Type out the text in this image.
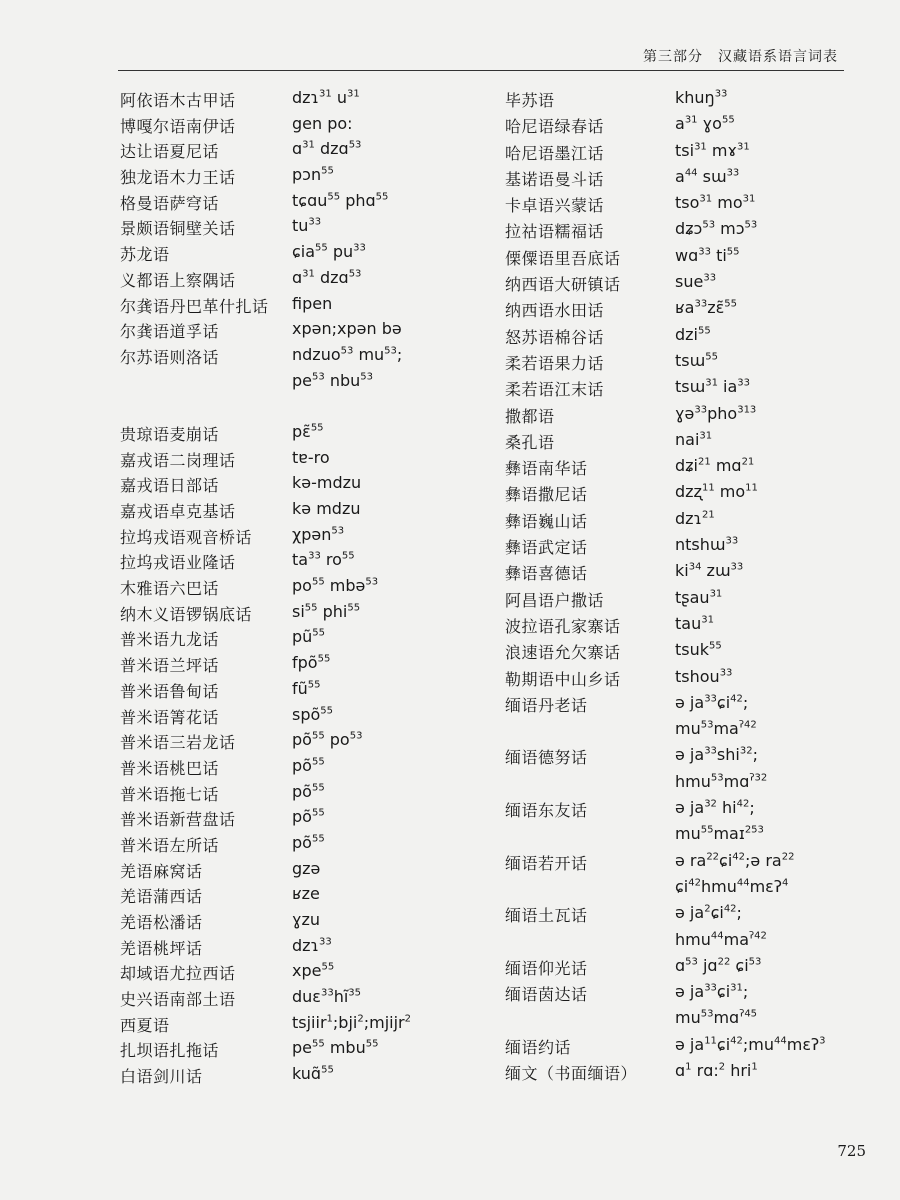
第三部分　汉藏语系语言词表
阿依语木古甲话	dzɿ$^{31}$ $u^{31}$
博嘎尔语南伊话	gen po:
达让语夏尼话	ɑ$^{31}$ dzɑ$^{53}$
独龙语木力王话	pɔn$^{55}$
格曼语萨穹话	tɕɑu$^{55}$ phɑ$^{55}$
景颇语铜壁关话	$tu^{33}$
苏龙语	ɕia$^{55}$ $pu^{33}$
义都语上察隅话	ɑ$^{31}$ dzɑ$^{53}$
尔龚语丹巴革什扎话	fipen
尔龚语道孚话	xpən;xpən bə
尔苏语则洛话	ndzuo$^{53}$ $mu^{53}$;
$pe^{53}$ nbu$^{53}$
贵琼语麦崩话	pɛ̃$^{55}$
嘉戎语二岗理话	tɐ-ro
嘉戎语日部话	kə-mdzu
嘉戎语卓克基话	kə mdzu
拉坞戎语观音桥话	χpən$^{53}$
拉坞戎语业隆话	$ta^{33}$ $ro^{55}$
木雅语六巴话	$po^{55}$ mbə$^{53}$
纳木义语锣锅底话	$si^{55}$ phi$^{55}$
普米语九龙话	$pũ^{55}$
普米语兰坪话	fpõ$^{55}$
普米语鲁甸话	$fũ^{55}$
普米语箐花话	spõ$^{55}$
普米语三岩龙话	$põ^{55}$ $po^{53}$
普米语桃巴话	$põ^{55}$
普米语拖七话	$põ^{55}$
普米语新营盘话	$põ^{55}$
普米语左所话	$põ^{55}$
羌语麻窝话	gzə
羌语蒲西话	ʁze
羌语松潘话	ɣzu
羌语桃坪话	dzɿ$^{33}$
却域语尤拉西话	xpe$^{55}$
史兴语南部土语	$duɛ^{33}hĩ^{35}$
西夏语	tsjiir$^1$;bji$^2$;mjijr$^2$
扎坝语扎拖话	$pe^{55}$ mbu$^{55}$
白语剑川话	kuɑ̃$^{55}$
毕苏语	khuŋ$^{33}$
哈尼语绿春话	$a^{31}$ ɣo$^{55}$
哈尼语墨江话	tsi$^{31}$ mɤ$^{31}$
基诺语曼斗话	$a^{44}$ sɯ$^{33}$
卡卓语兴蒙话	tso$^{31}$ $mo^{31}$
拉祜语糯福话	dʑɔ$^{53}$ mɔ$^{53}$
傈僳语里吾底话	wɑ$^{33}$ $ti^{55}$
纳西语大研镇话	sue$^{33}$
纳西语水田话	ʁa$^{33}$zɛ̃$^{55}$
怒苏语棉谷话	dzi$^{55}$
柔若语果力话	tsɯ$^{55}$
柔若语江末话	tsɯ$^{31}$ $ia^{33}$
撒都语	ɣə$^{33}$pho$^{313}$
桑孔语	nai$^{31}$
彝语南华话	dʑi$^{21}$ mɑ$^{21}$
彝语撒尼话	dzʐ$^{11}$ $mo^{11}$
彝语巍山话	dzɿ$^{21}$
彝语武定话	ntshɯ$^{33}$
彝语喜德话	$ki^{34}$ zɯ$^{33}$
阿昌语户撒话	tʂau$^{31}$
波拉语孔家寨话	tau$^{31}$
浪速语允欠寨话	tsuk$^{55}$
勒期语中山乡话	tshou$^{33}$
缅语丹老话	ə $ja^{33}ɕi^{42}$;
$mu^{53}ma^{ʔ42}$
缅语德努话	ə $ja^{33}shi^{32}$;
hmu$^{53}$mɑ$^{ʔ32}$
缅语东友话	ə $ja^{32}$ $hi^{42}$;
$mu^{55}maɪ^{253}$
缅语若开话	ə $ra^{22}ɕi^{42};ə$ $ra^{22}$
ɕi$^{42}$hmu$^{44}$mɛʔ$^4$
缅语土瓦话	ə $ja^2ɕi^{42}$;
$hmu^{44}ma^{ʔ42}$
缅语仰光话	ɑ$^{53}$ jɑ$^{22}$ ɕi$^{53}$
缅语茵达话	ə $ja^{33}ɕi^{31}$;
$mu^{53}mɑ^{ʔ45}$
缅语约话	ə $ja^{11}ɕi^{42};mu^{44}mɛʔ^3$
缅文（书面缅语）	ɑ$^1$ rɑ:$^2$ hri$^1$
725
